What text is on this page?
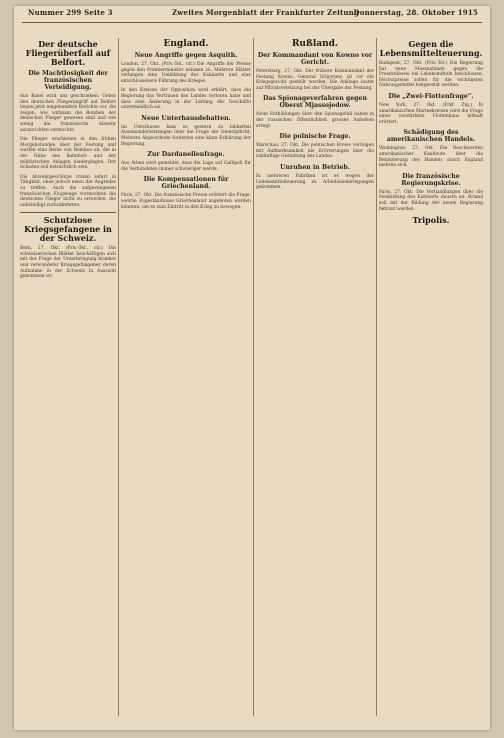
Nummer 299 Seite 3	Zweites Morgenblatt der Frankfurter Zeitung
Donnerstag, 28. Oktober 1915
Der deutsche Fliegerüberfall auf Belfort.
Die Machtlosigkeit der französischen Verteidigung.

Aus Basel wird uns geschrieben: Ueber den deutschen Fliegerangriff auf Belfort liegen jetzt eingehendere Berichte vor, die zeigen, wie wirksam die Bomben der deutschen Flieger gewesen sind und wie wenig die französische Abwehr auszurichten vermochte.

Die Flieger erschienen in den frühen Morgenstunden über der Festung und warfen eine Reihe von Bomben ab, die in der Nähe des Bahnhofs und der militärischen Anlagen niedergingen. Der Schaden soll beträchtlich sein.

Die Abwehrgeschütze traten sofort in Tätigkeit, ohne jedoch einen der Angreifer zu treffen. Auch die aufgestiegenen französischen Flugzeuge vermochten die deutschen Flieger nicht zu erreichen, die unbehelligt zurückkehrten.

Schutzlose Kriegsgefangene in der Schweiz.

Bern, 27. Okt. (Priv.-Tel., ctr.) Die schweizerischen Blätter beschäftigen sich mit der Frage der Unterbringung kranker und verwundeter Kriegsgefangener, deren Aufnahme in der Schweiz in Aussicht genommen ist.

England.
Neue Angriffe gegen Asquith.

London, 27. Okt. (Priv.-Tel., ctr.) Die Angriffe der Presse gegen den Premierminister nehmen zu. Mehrere Blätter verlangen eine Umbildung des Kabinetts und eine entschlossenere Führung des Krieges.

In den Kreisen der Opposition wird erklärt, dass die Regierung das Vertrauen des Landes verloren habe und dass eine Änderung in der Leitung der Geschäfte unvermeidlich sei.

Neue Unterhausdebatten.

Im Unterhause kam es gestern zu lebhaften Auseinandersetzungen über die Frage der Dienstpflicht. Mehrere Abgeordnete forderten eine klare Erklärung der Regierung.

Zur Dardanellenfrage.

Aus Athen wird gemeldet, dass die Lage auf Gallipoli für die Verbündeten immer schwieriger werde.

Die Kompensationen für Griechenland.

Paris, 27. Okt. Die französische Presse erörtert die Frage, welche Zugeständnisse Griechenland angeboten werden könnten, um es zum Eintritt in den Krieg zu bewegen.

Rußland.
Der Kommandant von Kowno vor Gericht.

Petersburg, 27. Okt. Der frühere Kommandant der Festung Kowno, General Grigorjew, ist vor ein Kriegsgericht gestellt worden. Die Anklage lautet auf Pflichtverletzung bei der Übergabe der Festung.

Das Spionageverfahren gegen Oberst Mjassojedow.

Neue Enthüllungen über den Spionagefall haben in der russischen Öffentlichkeit grosses Aufsehen erregt.

Die polnische Frage.

Warschau, 27. Okt. Die polnischen Kreise verfolgen mit Aufmerksamkeit die Erörterungen über die zukünftige Gestaltung des Landes.

Unruhen in Betrieb.

In mehreren Fabriken ist es wegen der Lebensmittelteuerung zu Arbeitsniederlegungen gekommen.

Gegen die Lebensmittelteuerung.

Budapest, 27. Okt. (Priv.-Tel.) Die Regierung hat neue Massnahmen gegen die Preistreiberei bei Lebensmitteln beschlossen. Höchstpreise sollen für die wichtigsten Nahrungsmittel festgesetzt werden.

Die „Zwei-Flottenfrage“.

New York, 27. Okt. (Frkf. Ztg.) In amerikanischen Marinekreisen wird die Frage eines verstärkten Flottenbaus lebhaft erörtert.

Schädigung des amerikanischen Handels.

Washington, 27. Okt. Die Beschwerden amerikanischer Kaufleute über die Behinderung des Handels durch England mehren sich.

Die französische Regierungskrise.

Paris, 27. Okt. Die Verhandlungen über die Neubildung des Kabinetts dauern an. Briand soll mit der Bildung der neuen Regierung betraut werden.

Tripolis.
